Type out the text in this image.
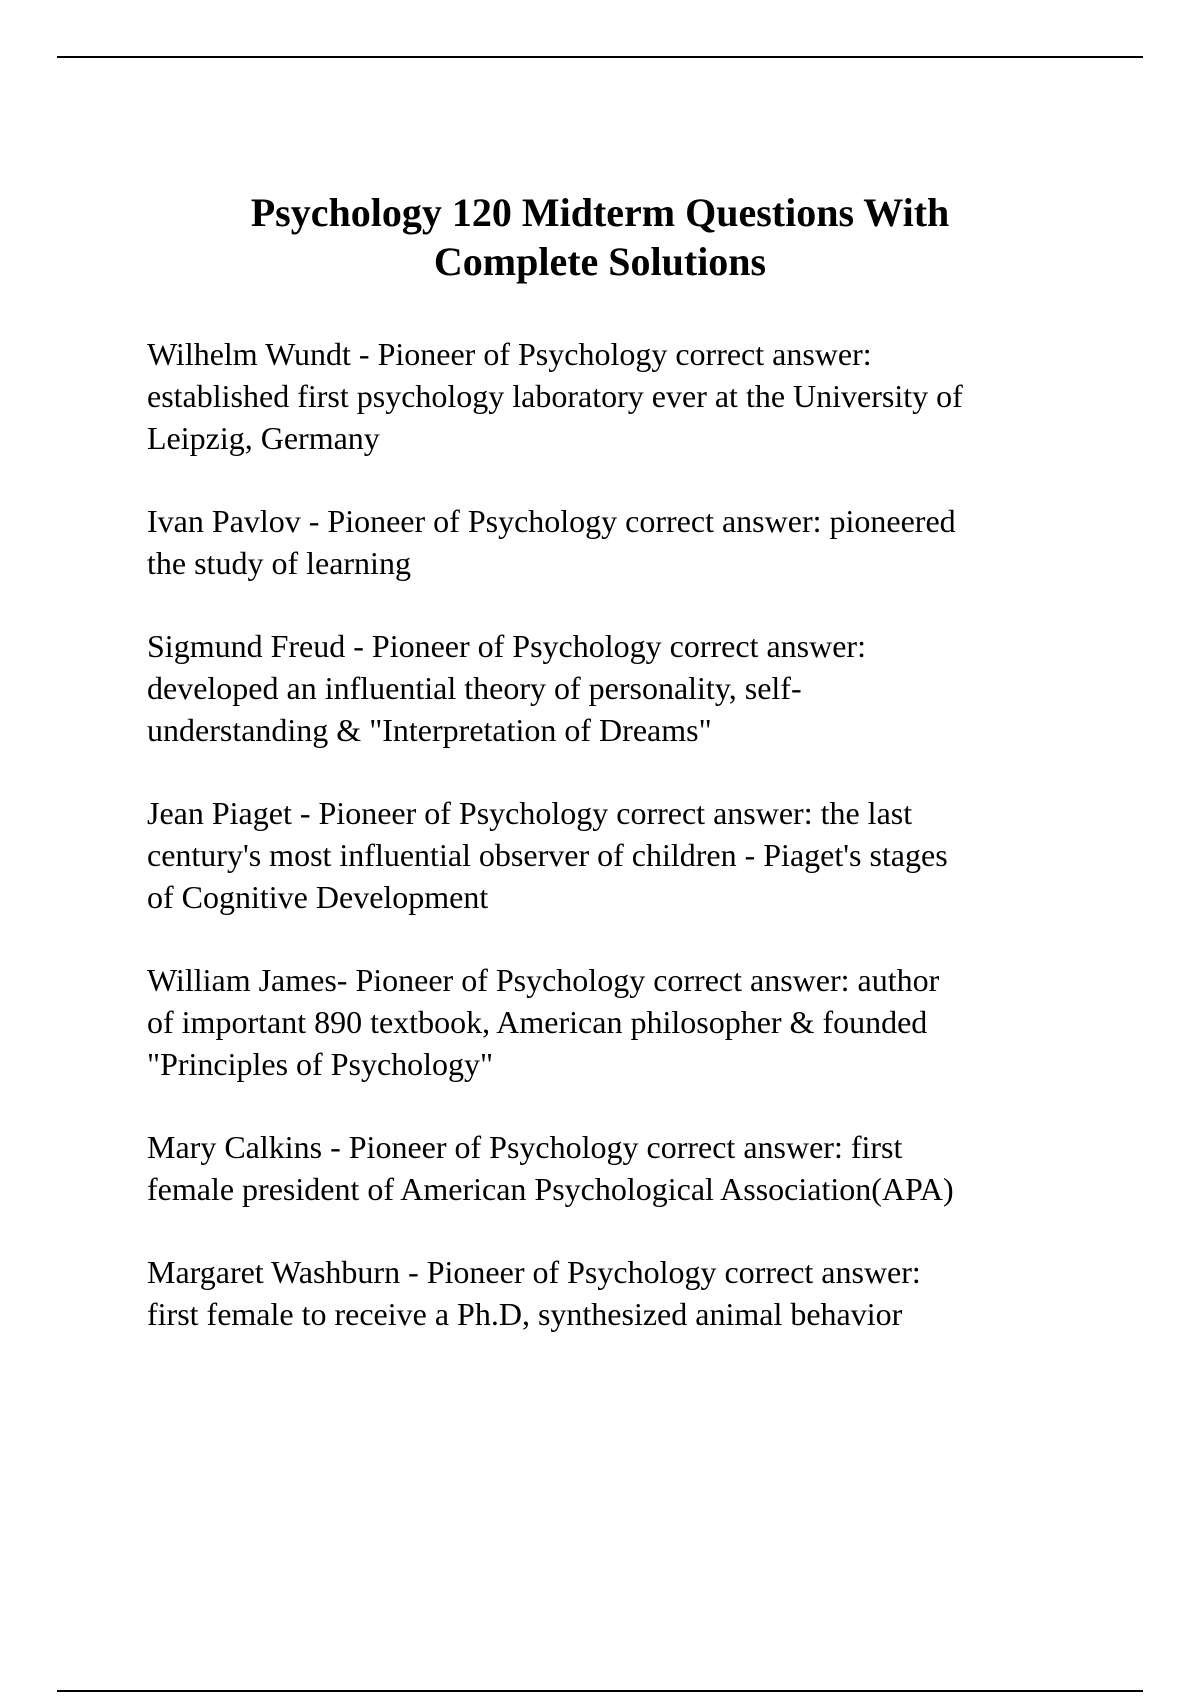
Psychology 120 Midterm Questions With
Complete Solutions

Wilhelm Wundt - Pioneer of Psychology correct answer:
established first psychology laboratory ever at the University of
Leipzig, Germany

Ivan Pavlov - Pioneer of Psychology correct answer: pioneered
the study of learning

Sigmund Freud - Pioneer of Psychology correct answer:
developed an influential theory of personality, self-
understanding & "Interpretation of Dreams"

Jean Piaget - Pioneer of Psychology correct answer: the last
century's most influential observer of children - Piaget's stages
of Cognitive Development

William James- Pioneer of Psychology correct answer: author
of important 890 textbook, American philosopher & founded
"Principles of Psychology"

Mary Calkins - Pioneer of Psychology correct answer: first
female president of American Psychological Association(APA)

Margaret Washburn - Pioneer of Psychology correct answer:
first female to receive a Ph.D, synthesized animal behavior
